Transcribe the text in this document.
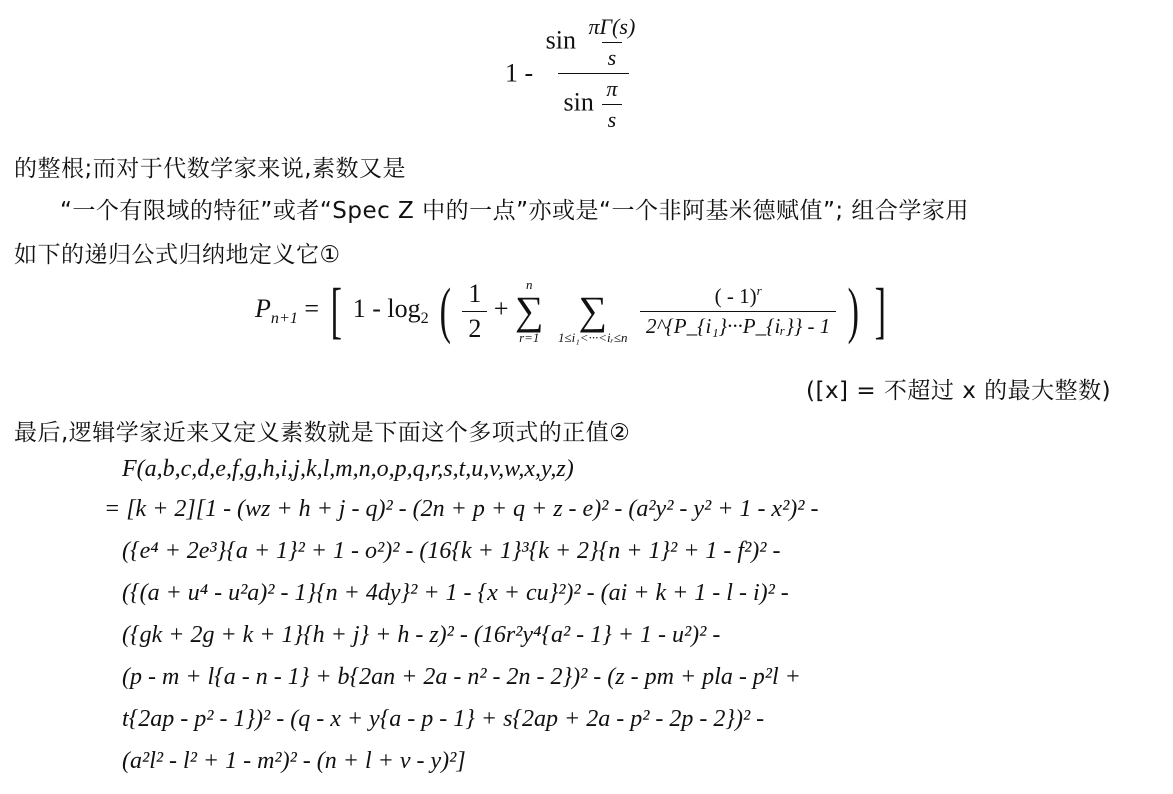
$1 - \frac{\sin \frac{\pi\Gamma(s)}{s}}{\sin \frac{\pi}{s}}$
的整根;而对于代数学家来说,素数又是
“一个有限域的特征”或者“Spec Z 中的一点”亦或是“一个非阿基米德赋值”; 组合学家用
如下的递归公式归纳地定义它①
$P_{n+1}$ = [ $1 - \log_2$ ( $\frac{1}{2}$ +
n
∑
r=1

∑
1≤i₁<···<iᵣ≤n
$\frac{( - 1)^r}{\text{2\textasciicircum{}\{P\_\{i₁\}···P\_\{iᵣ\}\} - 1}}$ ) ]
([x] = 不超过 x 的最大整数)
最后,逻辑学家近来又定义素数就是下面这个多项式的正值②
F(a,b,c,d,e,f,g,h,i,j,k,l,m,n,o,p,q,r,s,t,u,v,w,x,y,z)
= [k + 2][1 - (wz + h + j - q)² - (2n + p + q + z - e)² - (a²y² - y² + 1 - x²)² -
({e⁴ + 2e³}{a + 1}² + 1 - o²)² - (16{k + 1}³{k + 2}{n + 1}² + 1 - f²)² -
({(a + u⁴ - u²a)² - 1}{n + 4dy}² + 1 - {x + cu}²)² - (ai + k + 1 - l - i)² -
({gk + 2g + k + 1}{h + j} + h - z)² - (16r²y⁴{a² - 1} + 1 - u²)² -
(p - m + l{a - n - 1} + b{2an + 2a - n² - 2n - 2})² - (z - pm + pla - p²l +
t{2ap - p² - 1})² - (q - x + y{a - p - 1} + s{2ap + 2a - p² - 2p - 2})² -
(a²l² - l² + 1 - m²)² - (n + l + v - y)²]
